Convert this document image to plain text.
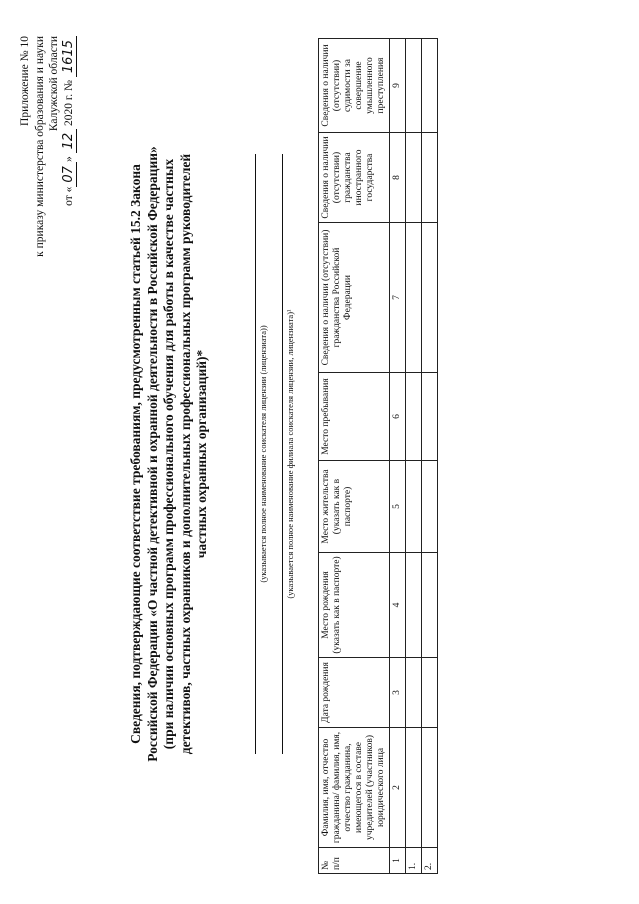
Приложение № 10 к приказу министерства образования и науки Калужской области
от «07» 12 2020 г. № 1615
Сведения, подтверждающие соответствие требованиям, предусмотренным статьей 15.2 Закона Российской Федерации «О частной детективной и охранной деятельности в Российской Федерации» (при наличии основных программ профессионального обучения для работы в качестве частных детективов, частных охранников и дополнительных профессиональных программ руководителей частных охранных организаций)*	(указывается полное наименование соискателя лицензии (лицензиата))	(указывается полное наименование филиала соискателя лицензии, лицензиата)¹
№ п/п	Фамилия, имя, отчество гражданина/ фамилия, имя, отчество гражданина, имеющегося в составе учредителей (участников) юридического лица	Дата рождения	Место рождения (указать как в паспорте)	Место жительства (указать как в паспорте)	Место пребывания	Сведения о наличии (отсутствии) гражданства Российской Федерации	Сведения о наличии (отсутствии) гражданства иностранного государства	Сведения о наличии (отсутствии) судимости за совершение умышленного преступления
1	2	3	4	5	6	7	8	9
1.								
2.								
